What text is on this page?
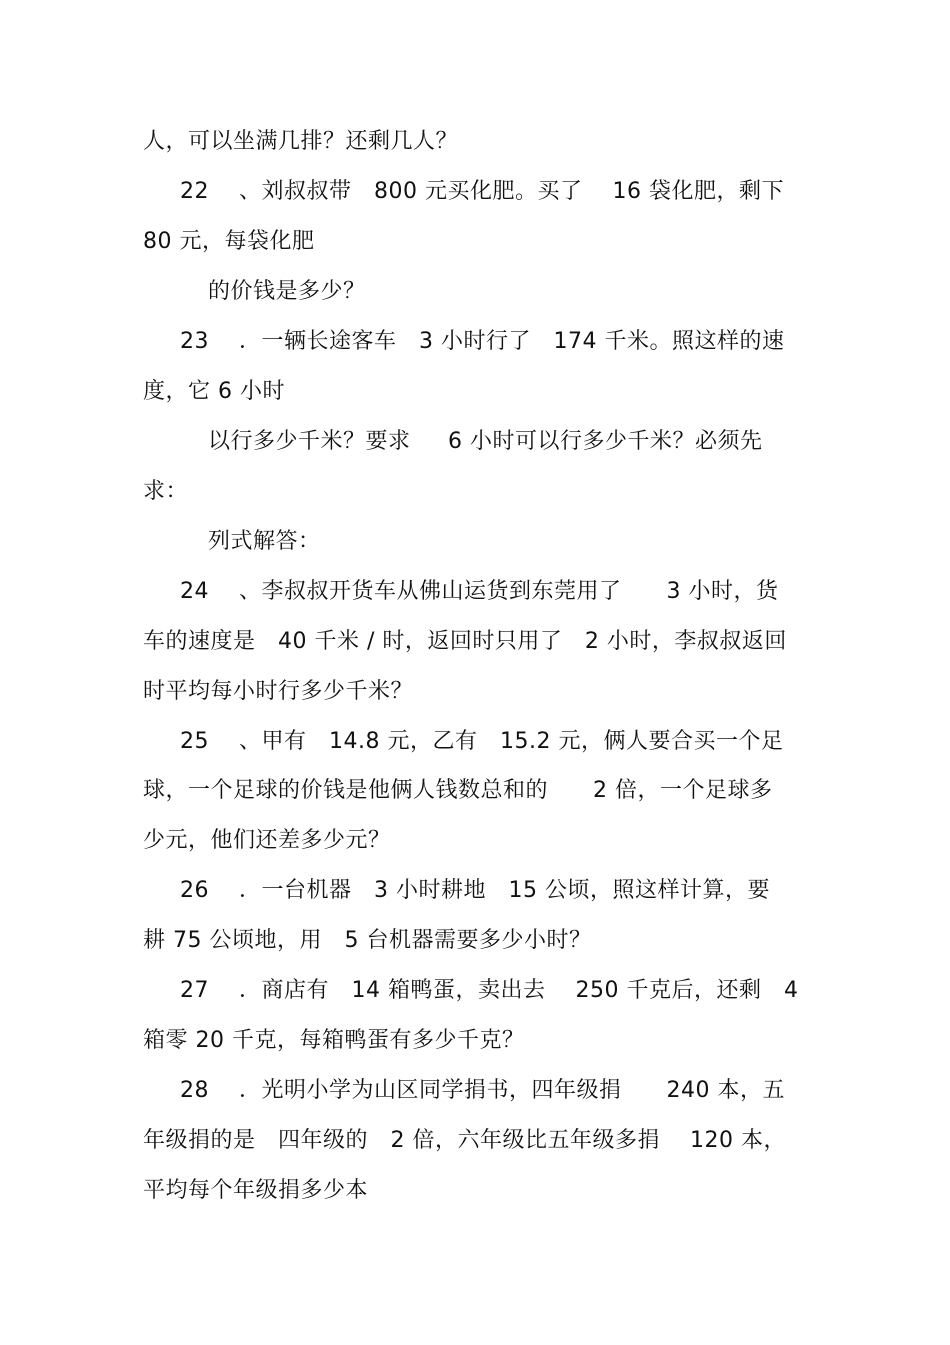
人，可以坐满几排？还剩几人？
22　 、刘叔叔带　800 元买化肥。买了　 16 袋化肥，剩下
80 元，每袋化肥
的价钱是多少？
23　 ．一辆长途客车　3 小时行了　174 千米。照这样的速
度，它 6 小时
以行多少千米？要求　  6 小时可以行多少千米？必须先
求：
列式解答：
24　 、李叔叔开货车从佛山运货到东莞用了　　3 小时，货
车的速度是　40 千米 / 时，返回时只用了　2 小时，李叔叔返回
时平均每小时行多少千米？
25　 、甲有　14.8 元，乙有　15.2 元，俩人要合买一个足
球，一个足球的价钱是他俩人钱数总和的　　2 倍，一个足球多
少元，他们还差多少元？
26　 ．一台机器　3 小时耕地　15 公顷，照这样计算，要
耕 75 公顷地，用　5 台机器需要多少小时？
27　 ．商店有　14 箱鸭蛋，卖出去　 250 千克后，还剩　4
箱零 20 千克，每箱鸭蛋有多少千克？
28　 ．光明小学为山区同学捐书，四年级捐　　240 本，五
年级捐的是　四年级的　2 倍，六年级比五年级多捐　 120 本，
平均每个年级捐多少本
